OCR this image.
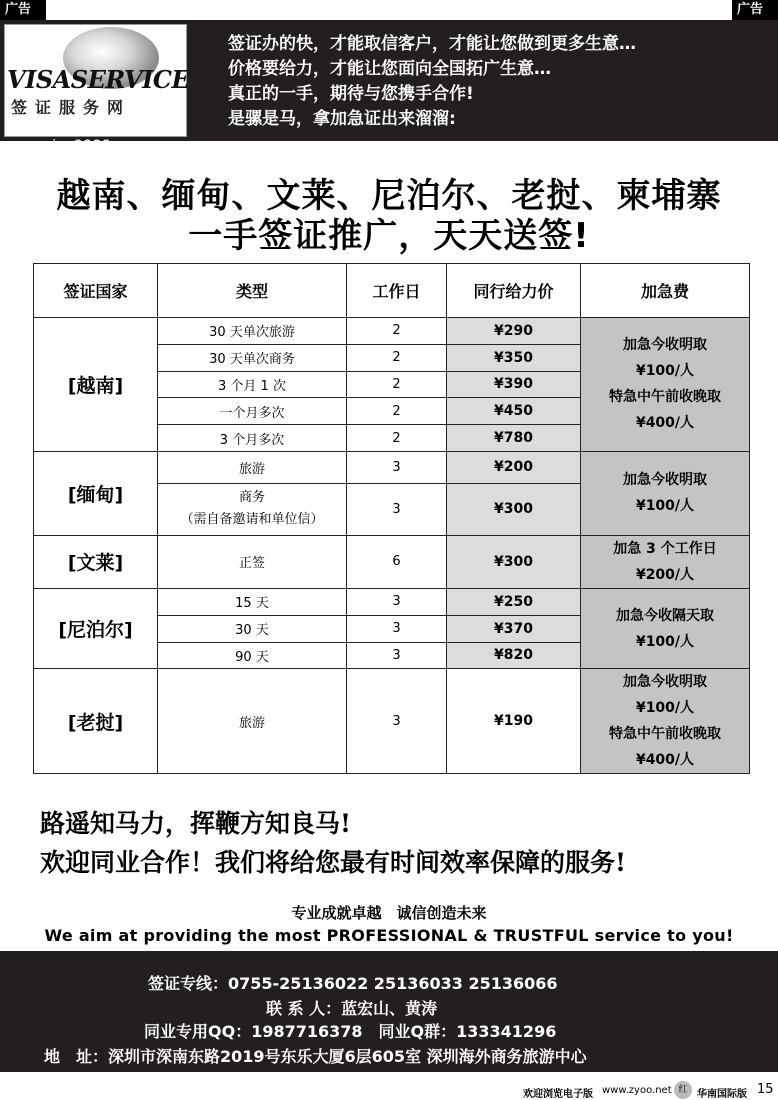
广告	广告
VISASERVICE
签证服务网
www.visa8888.com
签证办的快，才能取信客户，才能让您做到更多生意…
价格要给力，才能让您面向全国拓广生意…
真正的一手，期待与您携手合作!
是骡是马，拿加急证出来溜溜:
越南、缅甸、文莱、尼泊尔、老挝、柬埔寨
一手签证推广，天天送签!
签证国家	类型	工作日	同行给力价	加急费
[越南]	30 天单次旅游	2	¥290	加急今收明取
¥100/人
特急中午前收晚取
¥400/人

	30 天单次商务	2	¥350	
	3 个月 1 次	2	¥390	
	一个月多次	2	¥450	
	3 个月多次	2	¥780	
[缅甸]	旅游	3	¥200	加急今收明取
¥100/人

	商务
（需自备邀请和单位信）	3	¥300	
[文莱]	正签	6	¥300	加急 3 个工作日
¥200/人

[尼泊尔]	15 天	3	¥250	加急今收隔天取
¥100/人

	30 天	3	¥370	
	90 天	3	¥820	
[老挝]	旅游	3	¥190	加急今收明取
¥100/人
特急中午前收晚取
¥400/人
路遥知马力，挥鞭方知良马!
欢迎同业合作！我们将给您最有时间效率保障的服务!
专业成就卓越　诚信创造未来
We aim at providing the most PROFESSIONAL & TRUSTFUL service to you!
签证专线：0755-25136022 25136033 25136066
联 系 人：蓝宏山、黄涛
同业专用QQ：1987716378　同业Q群：133341296
地　址：深圳市深南东路2019号东乐大厦6层605室 深圳海外商务旅游中心
欢迎浏览电子版 www.zyoo.net 红 华南国际版 15
